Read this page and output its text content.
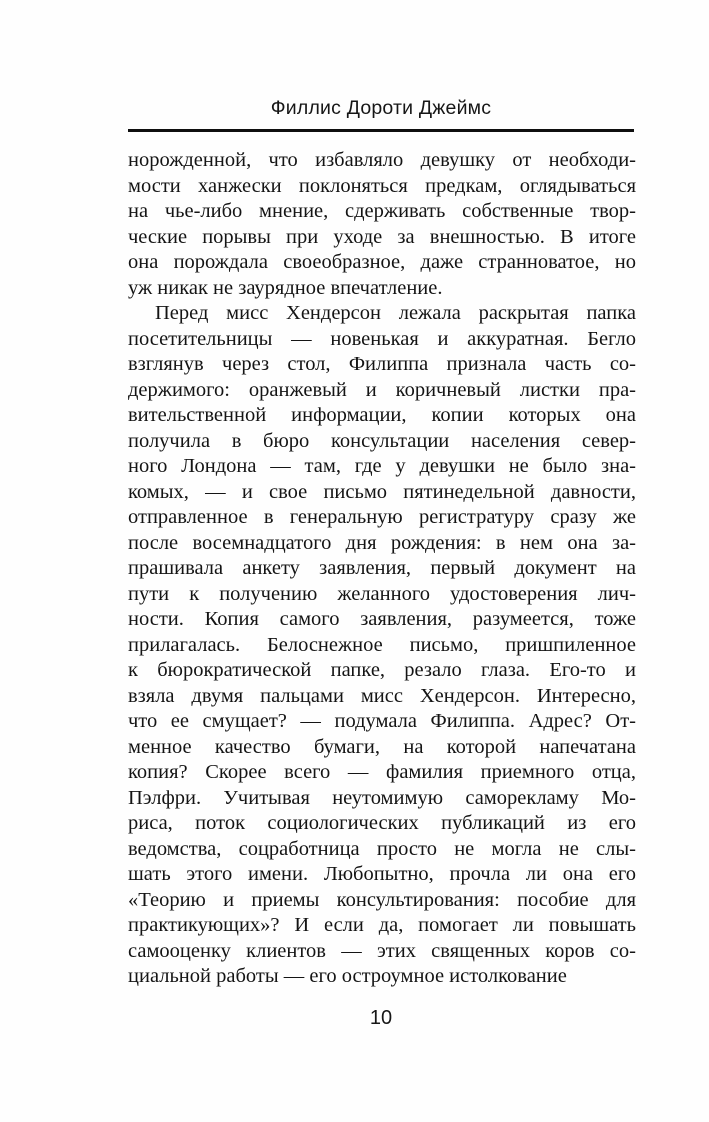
Филлис Дороти Джеймс
норожденной, что избавляло девушку от необходи-
мости ханжески поклоняться предкам, оглядываться
на чье-либо мнение, сдерживать собственные твор-
ческие порывы при уходе за внешностью. В итоге
она порождала своеобразное, даже странноватое, но
уж никак не заурядное впечатление.
Перед мисс Хендерсон лежала раскрытая папка
посетительницы — новенькая и аккуратная. Бегло
взглянув через стол, Филиппа признала часть со-
держимого: оранжевый и коричневый листки пра-
вительственной информации, копии которых она
получила в бюро консультации населения север-
ного Лондона — там, где у девушки не было зна-
комых, — и свое письмо пятинедельной давности,
отправленное в генеральную регистратуру сразу же
после восемнадцатого дня рождения: в нем она за-
прашивала анкету заявления, первый документ на
пути к получению желанного удостоверения лич-
ности. Копия самого заявления, разумеется, тоже
прилагалась. Белоснежное письмо, пришпиленное
к бюрократической папке, резало глаза. Его-то и
взяла двумя пальцами мисс Хендерсон. Интересно,
что ее смущает? — подумала Филиппа. Адрес? От-
менное качество бумаги, на которой напечатана
копия? Скорее всего — фамилия приемного отца,
Пэлфри. Учитывая неутомимую саморекламу Мо-
риса, поток социологических публикаций из его
ведомства, соцработница просто не могла не слы-
шать этого имени. Любопытно, прочла ли она его
«Теорию и приемы консультирования: пособие для
практикующих»? И если да, помогает ли повышать
самооценку клиентов — этих священных коров со-
циальной работы — его остроумное истолкование
10
